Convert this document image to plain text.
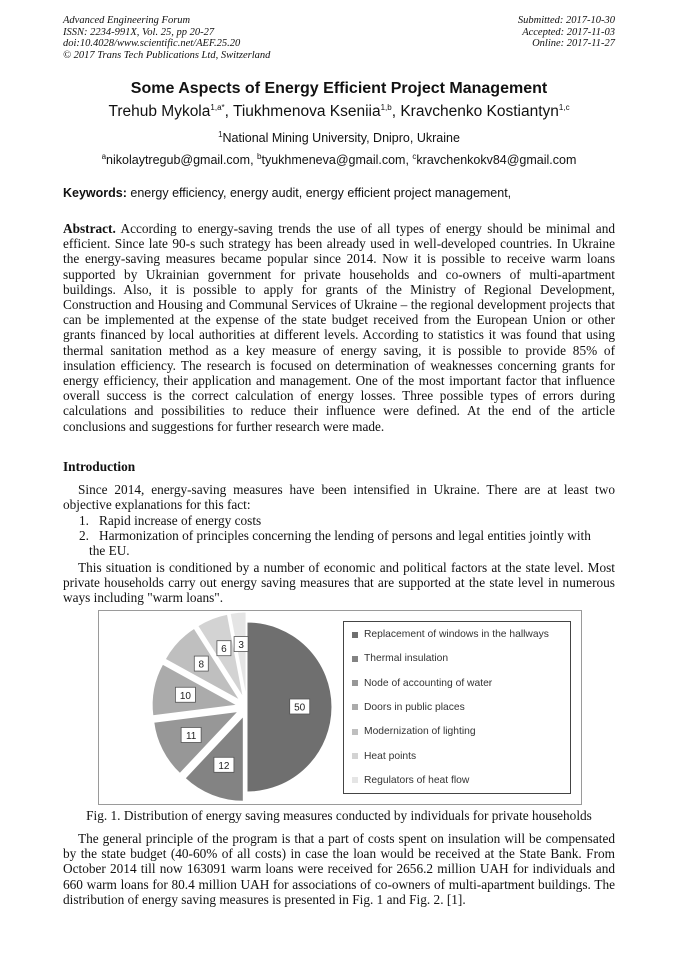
Advanced Engineering Forum
ISSN: 2234-991X, Vol. 25, pp 20-27
doi:10.4028/www.scientific.net/AEF.25.20
© 2017 Trans Tech Publications Ltd, Switzerland
Submitted: 2017-10-30
Accepted: 2017-11-03
Online: 2017-11-27
Some Aspects of Energy Efficient Project Management
Trehub Mykola$^{1,a*}$, Tiukhmenova Kseniia$^{1,b}$, Kravchenko Kostiantyn$^{1,c}$
$^1$National Mining University, Dnipro, Ukraine
$^a$nikolaytregub@gmail.com, $^b$tyukhmeneva@gmail.com, $^c$kravchenkokv84@gmail.com
Keywords: energy efficiency, energy audit, energy efficient project management,
Abstract. According to energy-saving trends the use of all types of energy should be minimal and efficient. Since late 90-s such strategy has been already used in well-developed countries. In Ukraine the energy-saving measures became popular since 2014. Now it is possible to receive warm loans supported by Ukrainian government for private households and co-owners of multi-apartment buildings. Also, it is possible to apply for grants of the Ministry of Regional Development, Construction and Housing and Communal Services of Ukraine – the regional development projects that can be implemented at the expense of the state budget received from the European Union or other grants financed by local authorities at different levels. According to statistics it was found that using thermal sanitation method as a key measure of energy saving, it is possible to provide 85% of insulation efficiency. The research is focused on determination of weaknesses concerning grants for energy efficiency, their application and management. One of the most important factor that influence overall success is the correct calculation of energy losses. Three possible types of errors during calculations and possibilities to reduce their influence were defined. At the end of the article conclusions and suggestions for further research were made.
Introduction
Since 2014, energy-saving measures have been intensified in Ukraine. There are at least two objective explanations for this fact:
1. Rapid increase of energy costs
2. Harmonization of principles concerning the lending of persons and legal entities jointly with
the EU.
This situation is conditioned by a number of economic and political factors at the state level. Most private households carry out energy saving measures that are supported at the state level in numerous ways including "warm loans".
50
12
11
10
8
6 3
Replacement of windows in the hallways
Thermal insulation
Node of accounting of water
Doors in public places
Modernization of lighting
Heat points
Regulators of heat flow
Fig. 1. Distribution of energy saving measures conducted by individuals for private households
The general principle of the program is that a part of costs spent on insulation will be compensated by the state budget (40-60% of all costs) in case the loan would be received at the State Bank. From October 2014 till now 163091 warm loans were received for 2656.2 million UAH for individuals and 660 warm loans for 80.4 million UAH for associations of co-owners of multi-apartment buildings. The distribution of energy saving measures is presented in Fig. 1 and Fig. 2. [1].
